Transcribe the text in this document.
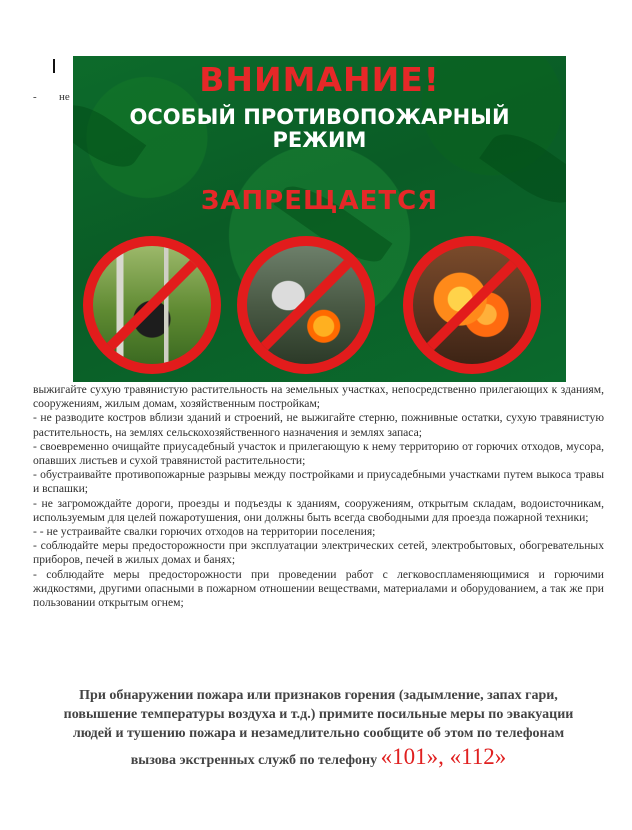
- не	ВНИМАНИЕ!
ОСОБЫЙ ПРОТИВОПОЖАРНЫЙ
РЕЖИМ
ЗАПРЕЩАЕТСЯ

выжигайте сухую травянистую растительность на земельных участках, непосредственно прилегающих к зданиям, сооружениям, жилым домам, хозяйственным постройкам;

- не разводите костров вблизи зданий и строений, не выжигайте стерню, пожнивные остатки, сухую травянистую растительность, на землях сельскохозяйственного назначения и землях запаса;

- своевременно очищайте приусадебный участок и прилегающую к нему территорию от горючих отходов, мусора, опавших листьев и сухой травянистой растительности;

- обустраивайте противопожарные разрывы между постройками и приусадебными участками путем выкоса травы и вспашки;

- не загромождайте дороги, проезды и подъезды к зданиям, сооружениям, открытым складам, водоисточникам, используемым для целей пожаротушения, они должны быть всегда свободными для проезда пожарной техники;

- - не устраивайте свалки горючих отходов на территории поселения;

- соблюдайте меры предосторожности при эксплуатации электрических сетей, электробытовых, обогревательных приборов, печей в жилых домах и банях;

- соблюдайте меры предосторожности при проведении работ с легковоспламеняющимися и горючими жидкостями, другими опасными в пожарном отношении веществами, материалами и оборудованием, а так же при пользовании открытым огнем;

При обнаружении пожара или признаков горения (задымление, запах гари,

повышение температуры воздуха и т.д.) примите посильные меры по эвакуации

людей и тушению пожара и незамедлительно сообщите об этом по телефонам

вызова экстренных служб по телефону «101», «112»
